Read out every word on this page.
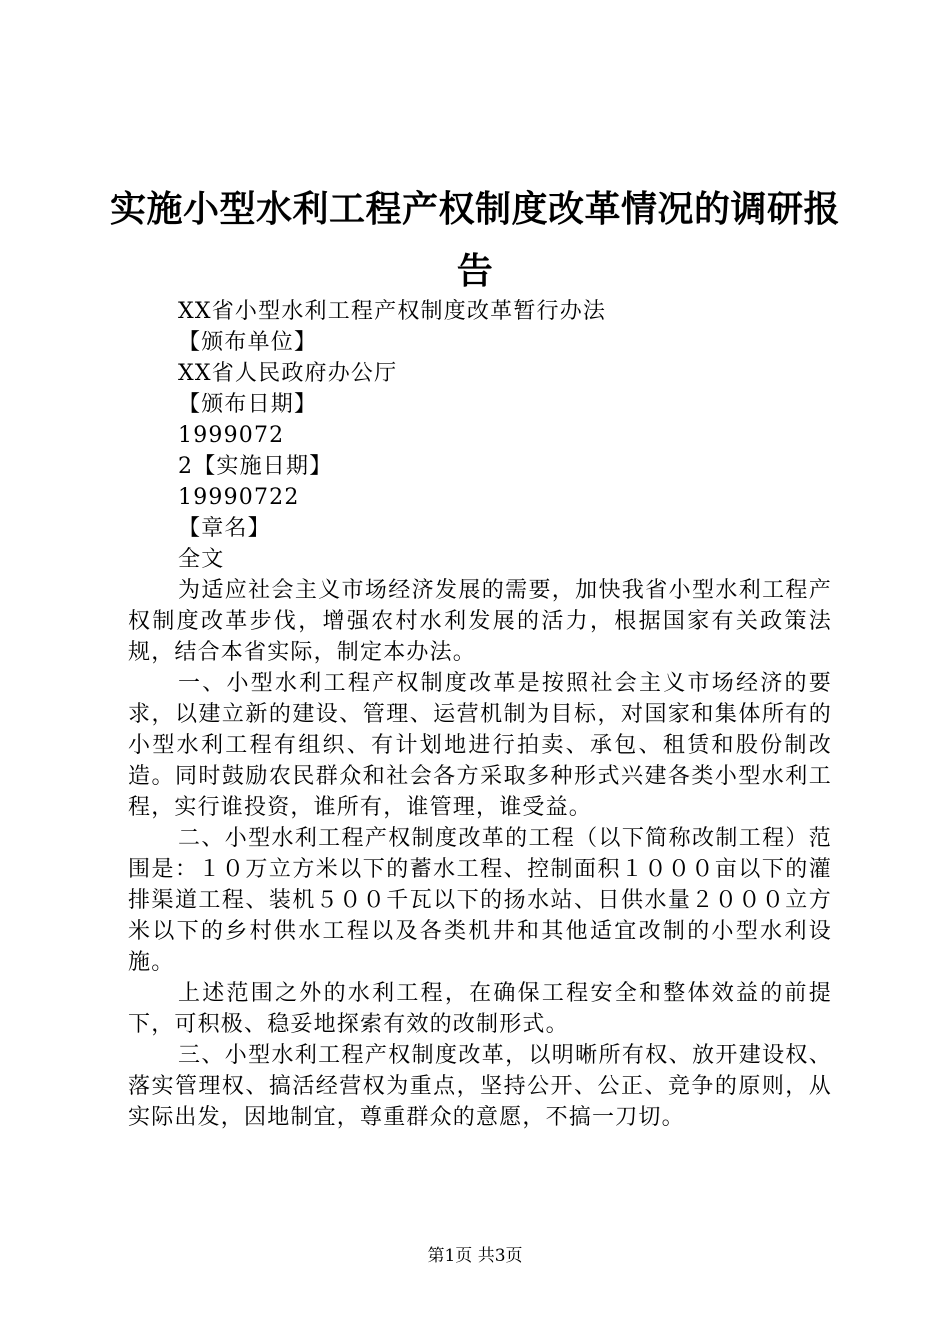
实施小型水利工程产权制度改革情况的调研报告

XX省小型水利工程产权制度改革暂行办法

【颁布单位】

XX省人民政府办公厅

【颁布日期】

1999072

2【实施日期】

19990722

【章名】

全文

为适应社会主义市场经济发展的需要，加快我省小型水利工程产权制度改革步伐，增强农村水利发展的活力，根据国家有关政策法规，结合本省实际，制定本办法。

一、小型水利工程产权制度改革是按照社会主义市场经济的要求，以建立新的建设、管理、运营机制为目标，对国家和集体所有的小型水利工程有组织、有计划地进行拍卖、承包、租赁和股份制改造。同时鼓励农民群众和社会各方采取多种形式兴建各类小型水利工程，实行谁投资，谁所有，谁管理，谁受益。

二、小型水利工程产权制度改革的工程（以下简称改制工程）范围是：１０万立方米以下的蓄水工程、控制面积１０００亩以下的灌排渠道工程、装机５００千瓦以下的扬水站、日供水量２０００立方米以下的乡村供水工程以及各类机井和其他适宜改制的小型水利设施。

上述范围之外的水利工程，在确保工程安全和整体效益的前提下，可积极、稳妥地探索有效的改制形式。

三、小型水利工程产权制度改革，以明晰所有权、放开建设权、落实管理权、搞活经营权为重点，坚持公开、公正、竞争的原则，从实际出发，因地制宜，尊重群众的意愿，不搞一刀切。

第1页 共3页
